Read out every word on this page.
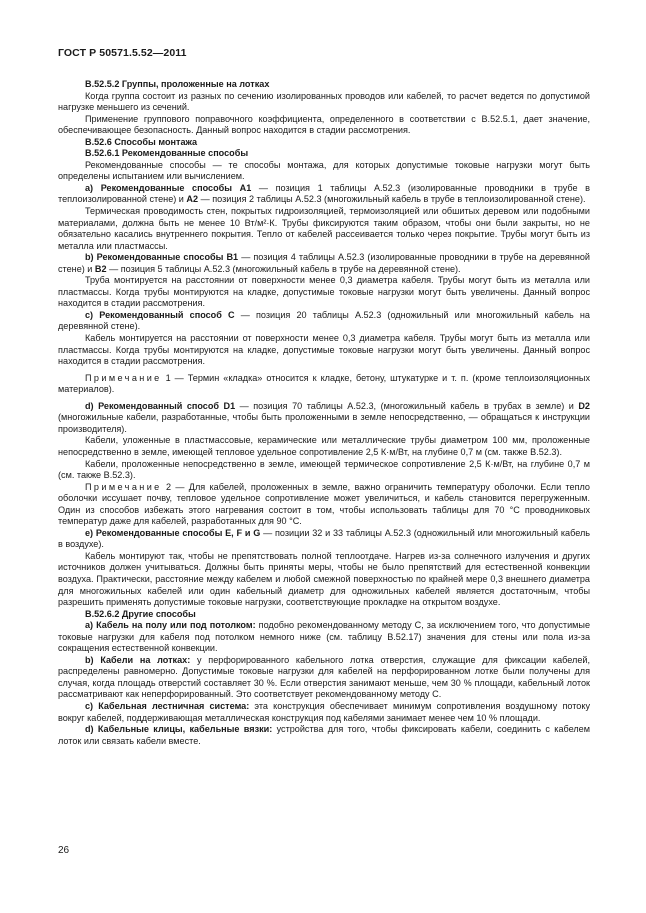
ГОСТ Р 50571.5.52—2011

В.52.5.2 Группы, проложенные на лотках

Когда группа состоит из разных по сечению изолированных проводов или кабелей, то расчет ведется по допустимой нагрузке меньшего из сечений.

Применение группового поправочного коэффициента, определенного в соответствии с В.52.5.1, дает значение, обеспечивающее безопасность. Данный вопрос находится в стадии рассмотрения.

В.52.6 Способы монтажа

В.52.6.1 Рекомендованные способы

Рекомендованные способы — те способы монтажа, для которых допустимые токовые нагрузки могут быть определены испытанием или вычислением.

а) Рекомендованные способы А1 — позиция 1 таблицы А.52.3 (изолированные проводники в трубе в теплоизолированной стене) и А2 — позиция 2 таблицы А.52.3 (многожильный кабель в трубе в теплоизолированной стене).

Термическая проводимость стен, покрытых гидроизоляцией, термоизоляцией или обшитых деревом или подобными материалами, должна быть не менее 10 Вт/м²·К. Трубы фиксируются таким образом, чтобы они были закрыты, но не обязательно касались внутреннего покрытия. Тепло от кабелей рассеивается только через покрытие. Трубы могут быть из металла или пластмассы.

b) Рекомендованные способы В1 — позиция 4 таблицы А.52.3 (изолированные проводники в трубе на деревянной стене) и В2 — позиция 5 таблицы А.52.3 (многожильный кабель в трубе на деревянной стене).

Труба монтируется на расстоянии от поверхности менее 0,3 диаметра кабеля. Трубы могут быть из металла или пластмассы. Когда трубы монтируются на кладке, допустимые токовые нагрузки могут быть увеличены. Данный вопрос находится в стадии рассмотрения.

с) Рекомендованный способ С — позиция 20 таблицы А.52.3 (одножильный или многожильный кабель на деревянной стене).

Кабель монтируется на расстоянии от поверхности менее 0,3 диаметра кабеля. Трубы могут быть из металла или пластмассы. Когда трубы монтируются на кладке, допустимые токовые нагрузки могут быть увеличены. Данный вопрос находится в стадии рассмотрения.

Примечание 1 — Термин «кладка» относится к кладке, бетону, штукатурке и т. п. (кроме теплоизоляционных материалов).

d) Рекомендованный способ D1 — позиция 70 таблицы А.52.3, (многожильный кабель в трубах в земле) и D2 (многожильные кабели, разработанные, чтобы быть проложенными в земле непосредственно, — обращаться к инструкции производителя).

Кабели, уложенные в пластмассовые, керамические или металлические трубы диаметром 100 мм, проложенные непосредственно в земле, имеющей тепловое удельное сопротивление 2,5 К·м/Вт, на глубине 0,7 м (см. также В.52.3).

Кабели, проложенные непосредственно в земле, имеющей термическое сопротивление 2,5 К·м/Вт, на глубине 0,7 м (см. также В.52.3).

Примечание 2 — Для кабелей, проложенных в земле, важно ограничить температуру оболочки. Если тепло оболочки иссушает почву, тепловое удельное сопротивление может увеличиться, и кабель становится перегруженным. Один из способов избежать этого нагревания состоит в том, чтобы использовать таблицы для 70 °С проводниковых температур даже для кабелей, разработанных для 90 °С.

е) Рекомендованные способы Е, F и G — позиции 32 и 33 таблицы А.52.3 (одножильный или многожильный кабель в воздухе).

Кабель монтируют так, чтобы не препятствовать полной теплоотдаче. Нагрев из-за солнечного излучения и других источников должен учитываться. Должны быть приняты меры, чтобы не было препятствий для естественной конвекции воздуха. Практически, расстояние между кабелем и любой смежной поверхностью по крайней мере 0,3 внешнего диаметра для многожильных кабелей или один кабельный диаметр для одножильных кабелей является достаточным, чтобы разрешить применять допустимые токовые нагрузки, соответствующие прокладке на открытом воздухе.

В.52.6.2 Другие способы

а) Кабель на полу или под потолком: подобно рекомендованному методу С, за исключением того, что допустимые токовые нагрузки для кабеля под потолком немного ниже (см. таблицу В.52.17) значения для стены или пола из-за сокращения естественной конвекции.

b) Кабели на лотках: у перфорированного кабельного лотка отверстия, служащие для фиксации кабелей, распределены равномерно. Допустимые токовые нагрузки для кабелей на перфорированном лотке были получены для случая, когда площадь отверстий составляет 30 %. Если отверстия занимают меньше, чем 30 % площади, кабельный лоток рассматривают как неперфорированный. Это соответствует рекомендованному методу С.

с) Кабельная лестничная система: эта конструкция обеспечивает минимум сопротивления воздушному потоку вокруг кабелей, поддерживающая металлическая конструкция под кабелями занимает менее чем 10 % площади.

d) Кабельные клицы, кабельные вязки: устройства для того, чтобы фиксировать кабели, соединить с кабелем лоток или связать кабели вместе.

26
